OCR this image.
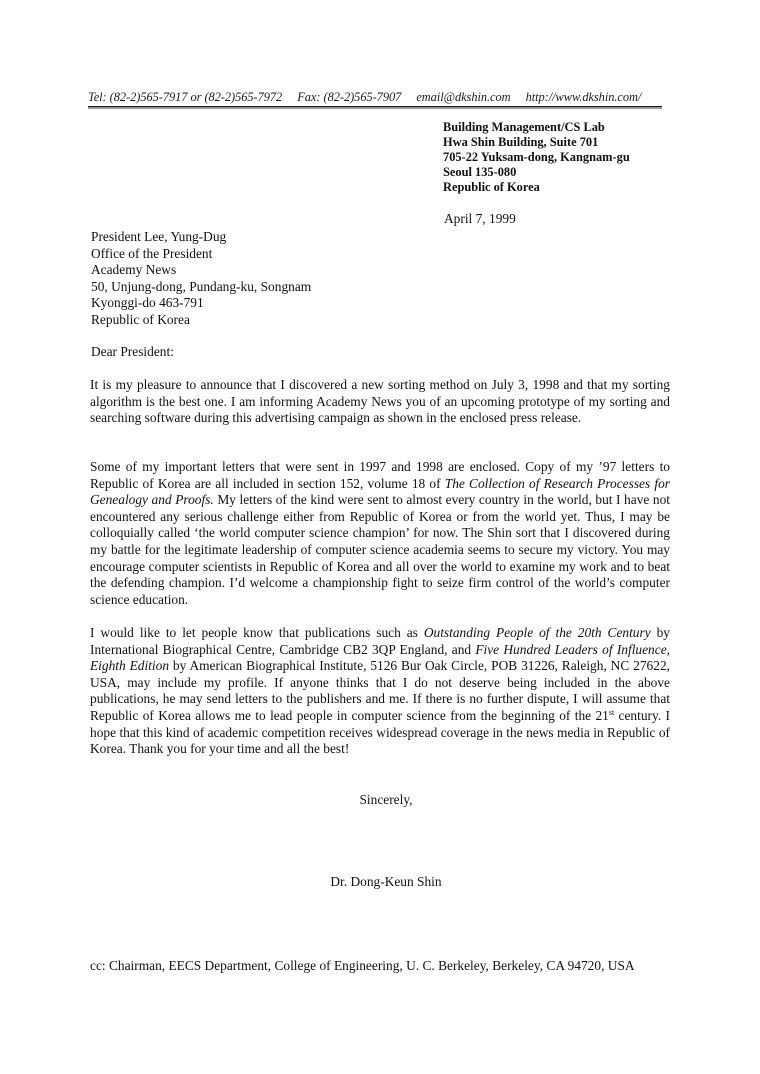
Tel: (82-2)565-7917 or (82-2)565-7972 Fax: (82-2)565-7907 email@dkshin.com http://www.dkshin.com/
Building Management/CS Lab
Hwa Shin Building, Suite 701
705-22 Yuksam-dong, Kangnam-gu
Seoul 135-080
Republic of Korea
April 7, 1999
President Lee, Yung-Dug
Office of the President
Academy News
50, Unjung-dong, Pundang-ku, Songnam
Kyonggi-do 463-791
Republic of Korea
Dear President:
It is my pleasure to announce that I discovered a new sorting method on July 3, 1998 and that my sorting algorithm is the best one. I am informing Academy News you of an upcoming prototype of my sorting and searching software during this advertising campaign as shown in the enclosed press release.
Some of my important letters that were sent in 1997 and 1998 are enclosed. Copy of my ’97 letters to Republic of Korea are all included in section 152, volume 18 of The Collection of Research Processes for Genealogy and Proofs. My letters of the kind were sent to almost every country in the world, but I have not encountered any serious challenge either from Republic of Korea or from the world yet. Thus, I may be colloquially called ‘the world computer science champion’ for now. The Shin sort that I discovered during my battle for the legitimate leadership of computer science academia seems to secure my victory. You may encourage computer scientists in Republic of Korea and all over the world to examine my work and to beat the defending champion. I’d welcome a championship fight to seize firm control of the world’s computer science education.
I would like to let people know that publications such as Outstanding People of the 20th Century by International Biographical Centre, Cambridge CB2 3QP England, and Five Hundred Leaders of Influence, Eighth Edition by American Biographical Institute, 5126 Bur Oak Circle, POB 31226, Raleigh, NC 27622, USA, may include my profile. If anyone thinks that I do not deserve being included in the above publications, he may send letters to the publishers and me. If there is no further dispute, I will assume that Republic of Korea allows me to lead people in computer science from the beginning of the 21st century. I hope that this kind of academic competition receives widespread coverage in the news media in Republic of Korea. Thank you for your time and all the best!
Sincerely,
Dr. Dong-Keun Shin
cc: Chairman, EECS Department, College of Engineering, U. C. Berkeley, Berkeley, CA 94720, USA
